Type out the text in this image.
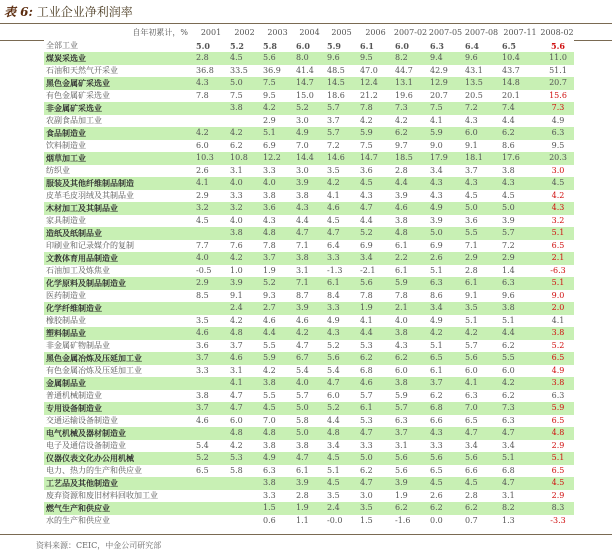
表 6: 工业企业净利润率
自年初累计，%	2001	2002	2003	2004	2005	2006	2007-02	2007-05	2007-08	2007-11	2008-02
全部工业	5.0	5.2	5.8	6.0	5.9	6.1	6.0	6.3	6.4	6.5	5.6
煤炭采选业	2.8	4.5	5.6	8.0	9.6	9.5	8.2	9.4	9.6	10.4	11.0
石油和天然气开采业	36.8	33.5	36.9	41.4	48.5	47.0	44.7	42.9	43.1	43.7	51.1
黑色金属矿采选业	4.3	5.0	7.5	14.7	14.5	12.4	13.1	12.9	13.5	14.8	20.7
有色金属矿采选业	7.8	7.5	9.5	15.0	18.6	21.2	19.6	20.7	20.5	20.1	15.6
非金属矿采选业		3.8	4.2	5.2	5.7	7.8	7.3	7.5	7.2	7.4	7.3
农副食品加工业			2.9	3.0	3.7	4.2	4.2	4.1	4.3	4.4	4.9
食品制造业	4.2	4.2	5.1	4.9	5.7	5.9	6.2	5.9	6.0	6.2	6.3
饮料制造业	6.0	6.2	6.9	7.0	7.2	7.5	9.7	9.0	9.1	8.6	9.5
烟草加工业	10.3	10.8	12.2	14.4	14.6	14.7	18.5	17.9	18.1	17.6	20.3
纺织业	2.6	3.1	3.3	3.0	3.5	3.6	2.8	3.4	3.7	3.8	3.0
服装及其他纤维制品制造	4.1	4.0	4.0	3.9	4.2	4.5	4.4	4.3	4.3	4.3	4.5
皮革毛皮羽绒及其制品业	2.9	3.3	3.8	3.8	4.1	4.3	3.9	4.3	4.5	4.5	4.2
木材加工及其制品业	3.2	3.2	3.6	4.3	4.6	4.7	4.6	4.9	5.0	5.0	4.3
家具制造业	4.5	4.0	4.3	4.4	4.5	4.4	3.8	3.9	3.6	3.9	3.2
造纸及纸制品业		3.8	4.8	4.7	4.7	5.2	4.8	5.0	5.5	5.7	5.1
印刷业和记录媒介的复制	7.7	7.6	7.8	7.1	6.4	6.9	6.1	6.9	7.1	7.2	6.5
文教体育用品制造业	4.0	4.2	3.7	3.8	3.3	3.4	2.2	2.6	2.9	2.9	2.1
石油加工及炼焦业	-0.5	1.0	1.9	3.1	-1.3	-2.1	6.1	5.1	2.8	1.4	-6.3
化学原料及制品制造业	2.9	3.9	5.2	7.1	6.1	5.6	5.9	6.3	6.1	6.3	5.1
医药制造业	8.5	9.1	9.3	8.7	8.4	7.8	7.8	8.6	9.1	9.6	9.0
化学纤维制造业		2.4	2.7	3.9	3.3	1.9	2.1	3.4	3.5	3.8	2.0
橡胶制品业	3.5	4.2	4.6	4.6	4.9	4.1	4.0	4.9	5.1	5.1	4.1
塑料制品业	4.6	4.8	4.4	4.2	4.3	4.4	3.8	4.2	4.2	4.4	3.8
非金属矿物制品业	3.6	3.7	5.5	4.7	5.2	5.3	4.3	5.1	5.7	6.2	5.2
黑色金属冶炼及压延加工业	3.7	4.6	5.9	6.7	5.6	6.2	6.2	6.5	5.6	5.5	6.5
有色金属冶炼及压延加工业	3.3	3.1	4.2	5.4	5.4	6.8	6.0	6.1	6.0	6.0	4.9
金属制品业		4.1	3.8	4.0	4.7	4.6	3.8	3.7	4.1	4.2	3.8
普通机械制造业	3.8	4.7	5.5	5.7	6.0	5.7	5.9	6.2	6.3	6.2	6.3
专用设备制造业	3.7	4.7	4.5	5.0	5.2	6.1	5.7	6.8	7.0	7.3	5.9
交通运输设备制造业	4.6	6.0	7.0	5.8	4.4	5.3	6.3	6.6	6.5	6.3	6.5
电气机械及器材制造业		4.8	4.8	5.0	4.8	4.7	3.7	4.3	4.7	4.7	4.8
电子及通信设备制造业	5.4	4.2	3.8	3.8	3.4	3.3	3.1	3.3	3.4	3.4	2.9
仪器仪表文化办公用机械	5.2	5.3	4.9	4.7	4.5	5.0	5.6	5.6	5.6	5.1	5.1
电力、热力的生产和供应业	6.5	5.8	6.3	6.1	5.1	6.2	5.6	6.5	6.6	6.8	6.5
工艺品及其他制造业			3.8	3.9	4.5	4.7	3.9	4.5	4.5	4.7	4.5
废弃资源和废旧材料回收加工业			3.3	2.8	3.5	3.0	1.9	2.6	2.8	3.1	2.9
燃气生产和供应业			1.5	1.9	2.4	3.5	6.2	6.2	6.2	8.2	8.3
水的生产和供应业			0.6	1.1	-0.0	1.5	-1.6	0.0	0.7	1.3	-3.3
资料来源：CEIC，中金公司研究部
